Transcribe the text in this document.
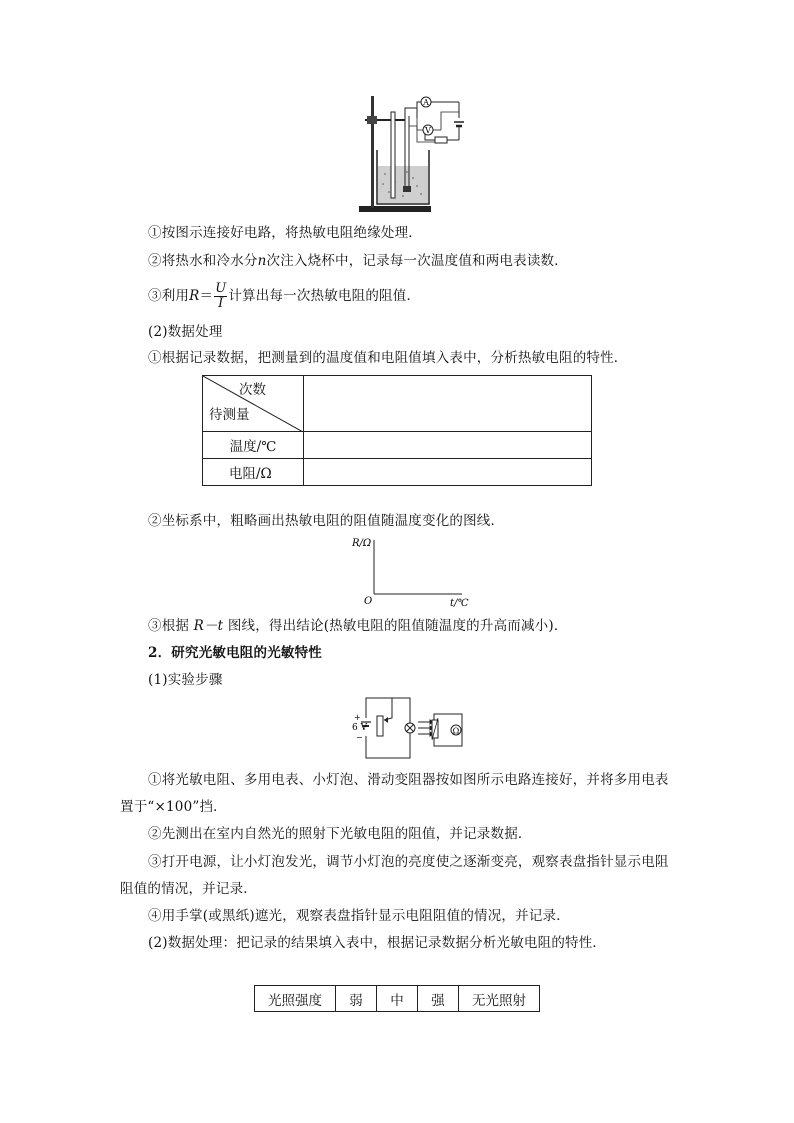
A
V
①按图示连接好电路，将热敏电阻绝缘处理．
②将热水和冷水分n次注入烧杯中，记录每一次温度值和两电表读数．
③利用$R= \frac{U}{I}$ 计算出每一次热敏电阻的阻值．
(2)数据处理
①根据记录数据，把测量到的温度值和电阻值填入表中，分析热敏电阻的特性．
次数
待测量	

温度/℃	
电阻/Ω	
②坐标系中，粗略画出热敏电阻的阻值随温度变化的图线．
R/Ω
O	t/℃
③根据 R－t 图线，得出结论(热敏电阻的阻值随温度的升高而减小)．
2．研究光敏电阻的光敏特性
(1)实验步骤
+
6 V
−
Ω
①将光敏电阻、多用电表、小灯泡、滑动变阻器按如图所示电路连接好，并将多用电表
置于“×100”挡．
②先测出在室内自然光的照射下光敏电阻的阻值，并记录数据．
③打开电源，让小灯泡发光，调节小灯泡的亮度使之逐渐变亮，观察表盘指针显示电阻
阻值的情况，并记录．
④用手掌(或黑纸)遮光，观察表盘指针显示电阻阻值的情况，并记录．
(2)数据处理：把记录的结果填入表中，根据记录数据分析光敏电阻的特性．
光照强度	弱	中	强	无光照射
